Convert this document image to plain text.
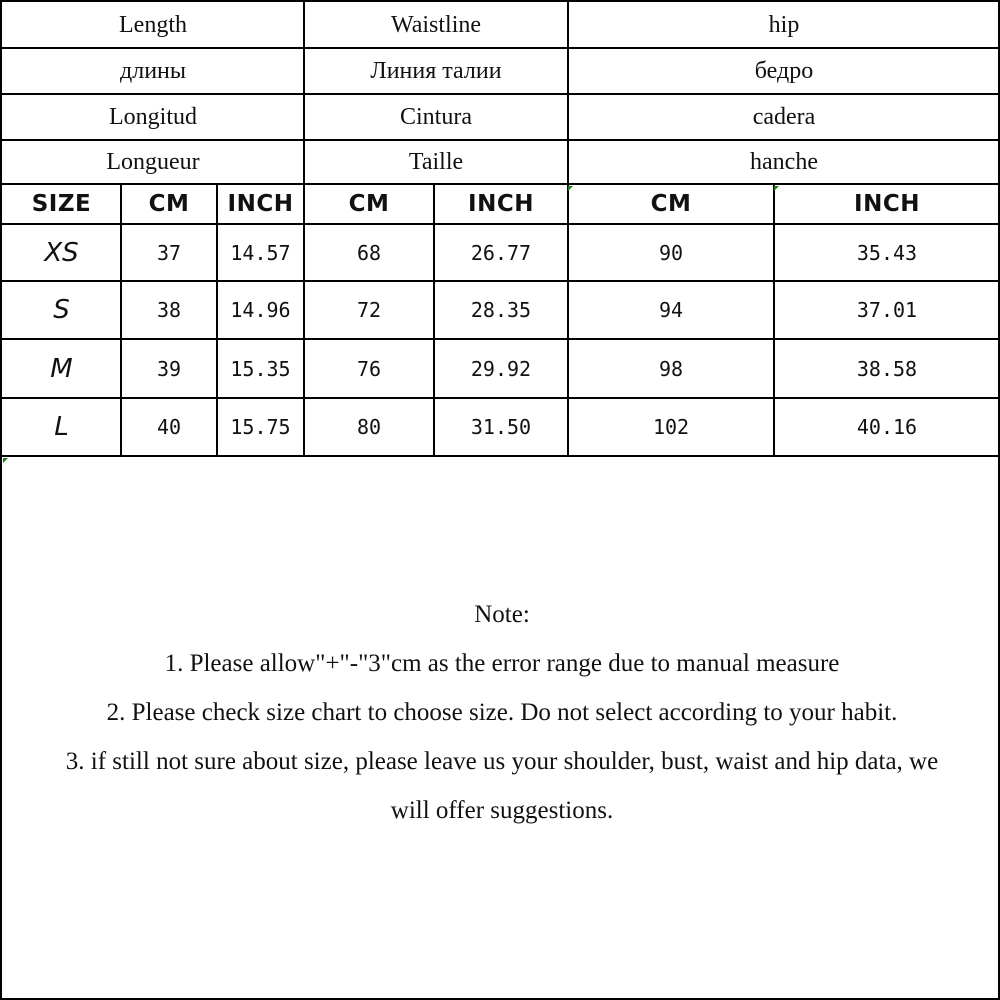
Length	Waistline	hip
длины	Линия талии	бедро
Longitud	Cintura	cadera
Longueur	Taille	hanche
SIZE	CM	INCH	CM	INCH	CM	INCH
XS	37	14.57	68	26.77	90	35.43
S	38	14.96	72	28.35	94	37.01
M	39	15.35	76	29.92	98	38.58
L	40	15.75	80	31.50	102	40.16
Note:
1. Please allow"+"-"3"cm as the error range due to manual measure
2. Please check size chart to choose size. Do not select according to your habit.
3. if still not sure about size, please leave us your shoulder, bust, waist and hip data, we
will offer suggestions.
